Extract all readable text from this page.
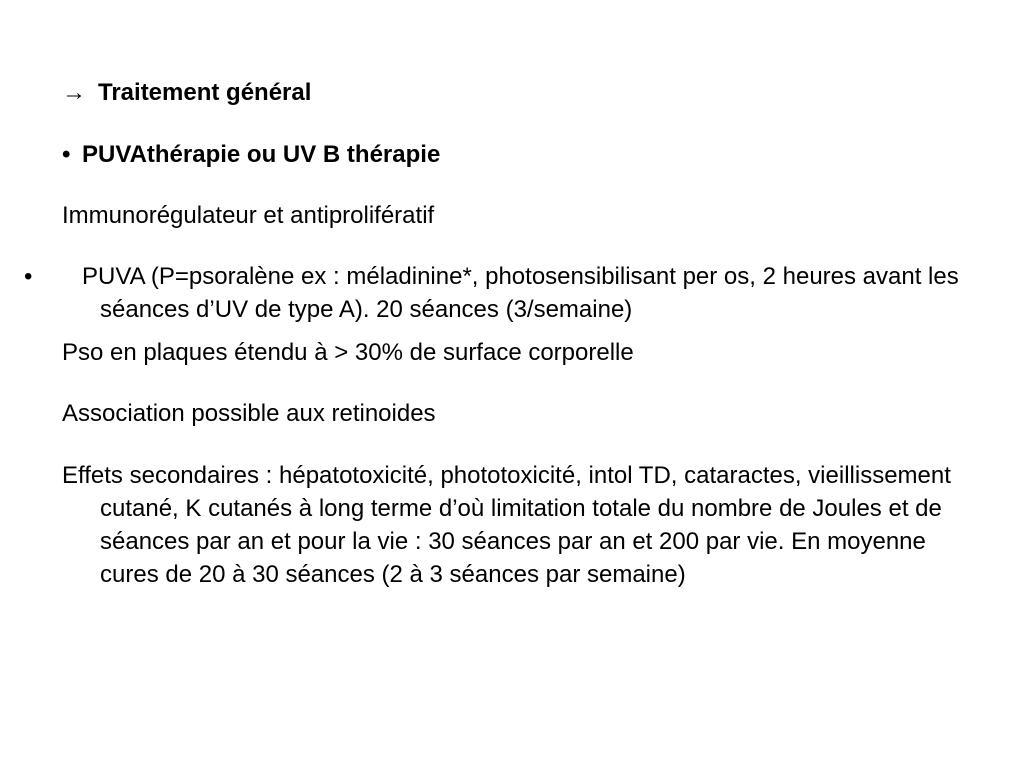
→ Traitement général

• PUVAthérapie ou UV B thérapie

Immunorégulateur et antiprolifératif

• PUVA (P=psoralène ex : méladinine*, photosensibilisant per os, 2 heures avant les séances d’UV de type A). 20 séances (3/semaine)

Pso en plaques étendu à > 30% de surface corporelle

Association possible aux retinoides

Effets secondaires : hépatotoxicité, phototoxicité, intol TD, cataractes, vieillissement cutané, K cutanés à long terme d’où limitation totale du nombre de Joules et de séances par an et pour la vie : 30 séances par an et 200 par vie. En moyenne cures de 20 à 30 séances (2 à 3 séances par semaine)
